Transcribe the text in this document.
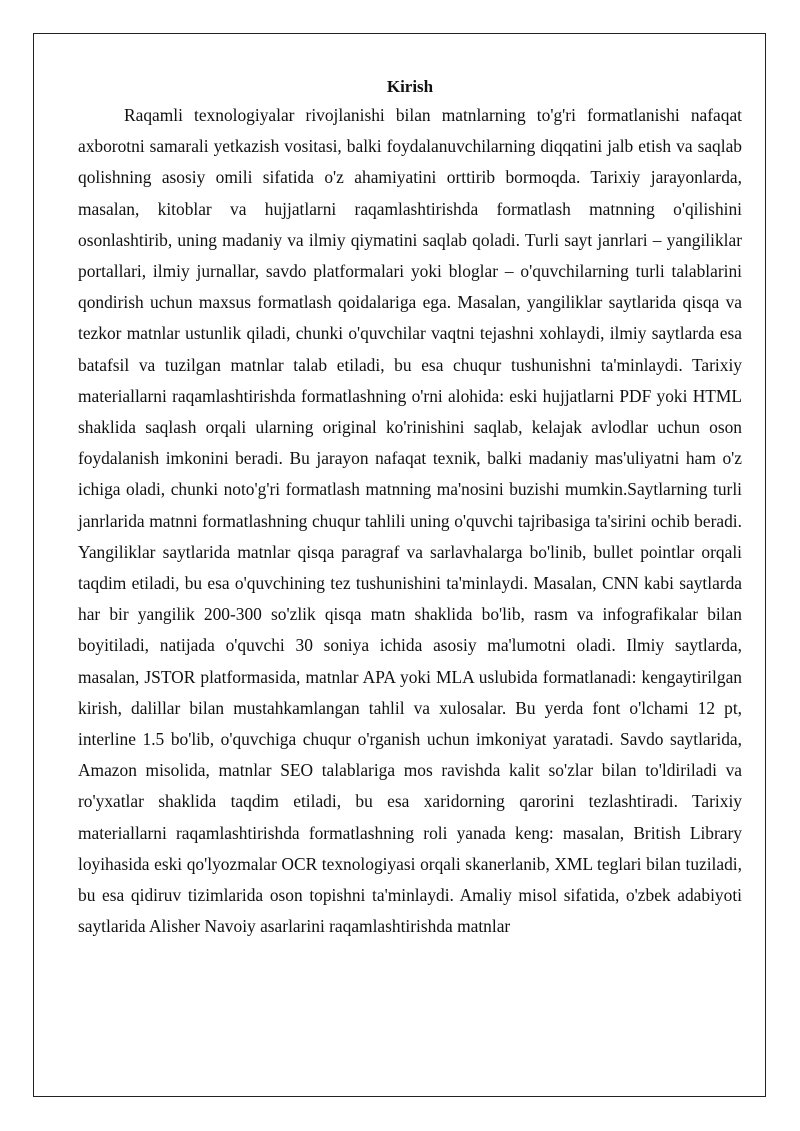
Kirish

Raqamli texnologiyalar rivojlanishi bilan matnlarning to'g'ri formatlanishi nafaqat axborotni samarali yetkazish vositasi, balki foydalanuvchilarning diqqatini jalb etish va saqlab qolishning asosiy omili sifatida o'z ahamiyatini orttirib bormoqda. Tarixiy jarayonlarda, masalan, kitoblar va hujjatlarni raqamlashtirishda formatlash matnning o'qilishini osonlashtirib, uning madaniy va ilmiy qiymatini saqlab qoladi. Turli sayt janrlari – yangiliklar portallari, ilmiy jurnallar, savdo platformalari yoki bloglar – o'quvchilarning turli talablarini qondirish uchun maxsus formatlash qoidalariga ega. Masalan, yangiliklar saytlarida qisqa va tezkor matnlar ustunlik qiladi, chunki o'quvchilar vaqtni tejashni xohlaydi, ilmiy saytlarda esa batafsil va tuzilgan matnlar talab etiladi, bu esa chuqur tushunishni ta'minlaydi. Tarixiy materiallarni raqamlashtirishda formatlashning o'rni alohida: eski hujjatlarni PDF yoki HTML shaklida saqlash orqali ularning original ko'rinishini saqlab, kelajak avlodlar uchun oson foydalanish imkonini beradi. Bu jarayon nafaqat texnik, balki madaniy mas'uliyatni ham o'z ichiga oladi, chunki noto'g'ri formatlash matnning ma'nosini buzishi mumkin.Saytlarning turli janrlarida matnni formatlashning chuqur tahlili uning o'quvchi tajribasiga ta'sirini ochib beradi. Yangiliklar saytlarida matnlar qisqa paragraf va sarlavhalarga bo'linib, bullet pointlar orqali taqdim etiladi, bu esa o'quvchining tez tushunishini ta'minlaydi. Masalan, CNN kabi saytlarda har bir yangilik 200-300 so'zlik qisqa matn shaklida bo'lib, rasm va infografikalar bilan boyitiladi, natijada o'quvchi 30 soniya ichida asosiy ma'lumotni oladi. Ilmiy saytlarda, masalan, JSTOR platformasida, matnlar APA yoki MLA uslubida formatlanadi: kengaytirilgan kirish, dalillar bilan mustahkamlangan tahlil va xulosalar. Bu yerda font o'lchami 12 pt, interline 1.5 bo'lib, o'quvchiga chuqur o'rganish uchun imkoniyat yaratadi. Savdo saytlarida, Amazon misolida, matnlar SEO talablariga mos ravishda kalit so'zlar bilan to'ldiriladi va ro'yxatlar shaklida taqdim etiladi, bu esa xaridorning qarorini tezlashtiradi. Tarixiy materiallarni raqamlashtirishda formatlashning roli yanada keng: masalan, British Library loyihasida eski qo'lyozmalar OCR texnologiyasi orqali skanerlanib, XML teglari bilan tuziladi, bu esa qidiruv tizimlarida oson topishni ta'minlaydi. Amaliy misol sifatida, o'zbek adabiyoti saytlarida Alisher Navoiy asarlarini raqamlashtirishda matnlar
